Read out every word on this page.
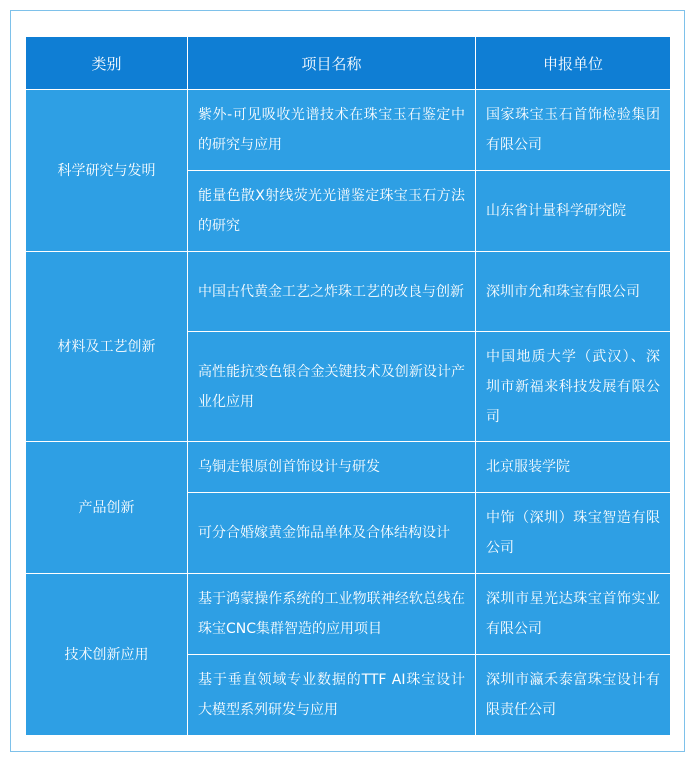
类别	项目名称	申报单位
科学研究与发明	紫外-可见吸收光谱技术在珠宝玉石鉴定中的研究与应用	国家珠宝玉石首饰检验集团有限公司
	能量色散X射线荧光光谱鉴定珠宝玉石方法的研究	山东省计量科学研究院
材料及工艺创新	中国古代黄金工艺之炸珠工艺的改良与创新	深圳市允和珠宝有限公司
	高性能抗变色银合金关键技术及创新设计产业化应用	中国地质大学（武汉）、深圳市新福来科技发展有限公司
产品创新	乌铜走银原创首饰设计与研发	北京服装学院
	可分合婚嫁黄金饰品单体及合体结构设计	中饰（深圳）珠宝智造有限公司
技术创新应用	基于鸿蒙操作系统的工业物联神经软总线在珠宝CNC集群智造的应用项目	深圳市星光达珠宝首饰实业有限公司
	基于垂直领域专业数据的TTF AI珠宝设计大模型系列研发与应用	深圳市瀛禾泰富珠宝设计有限责任公司
